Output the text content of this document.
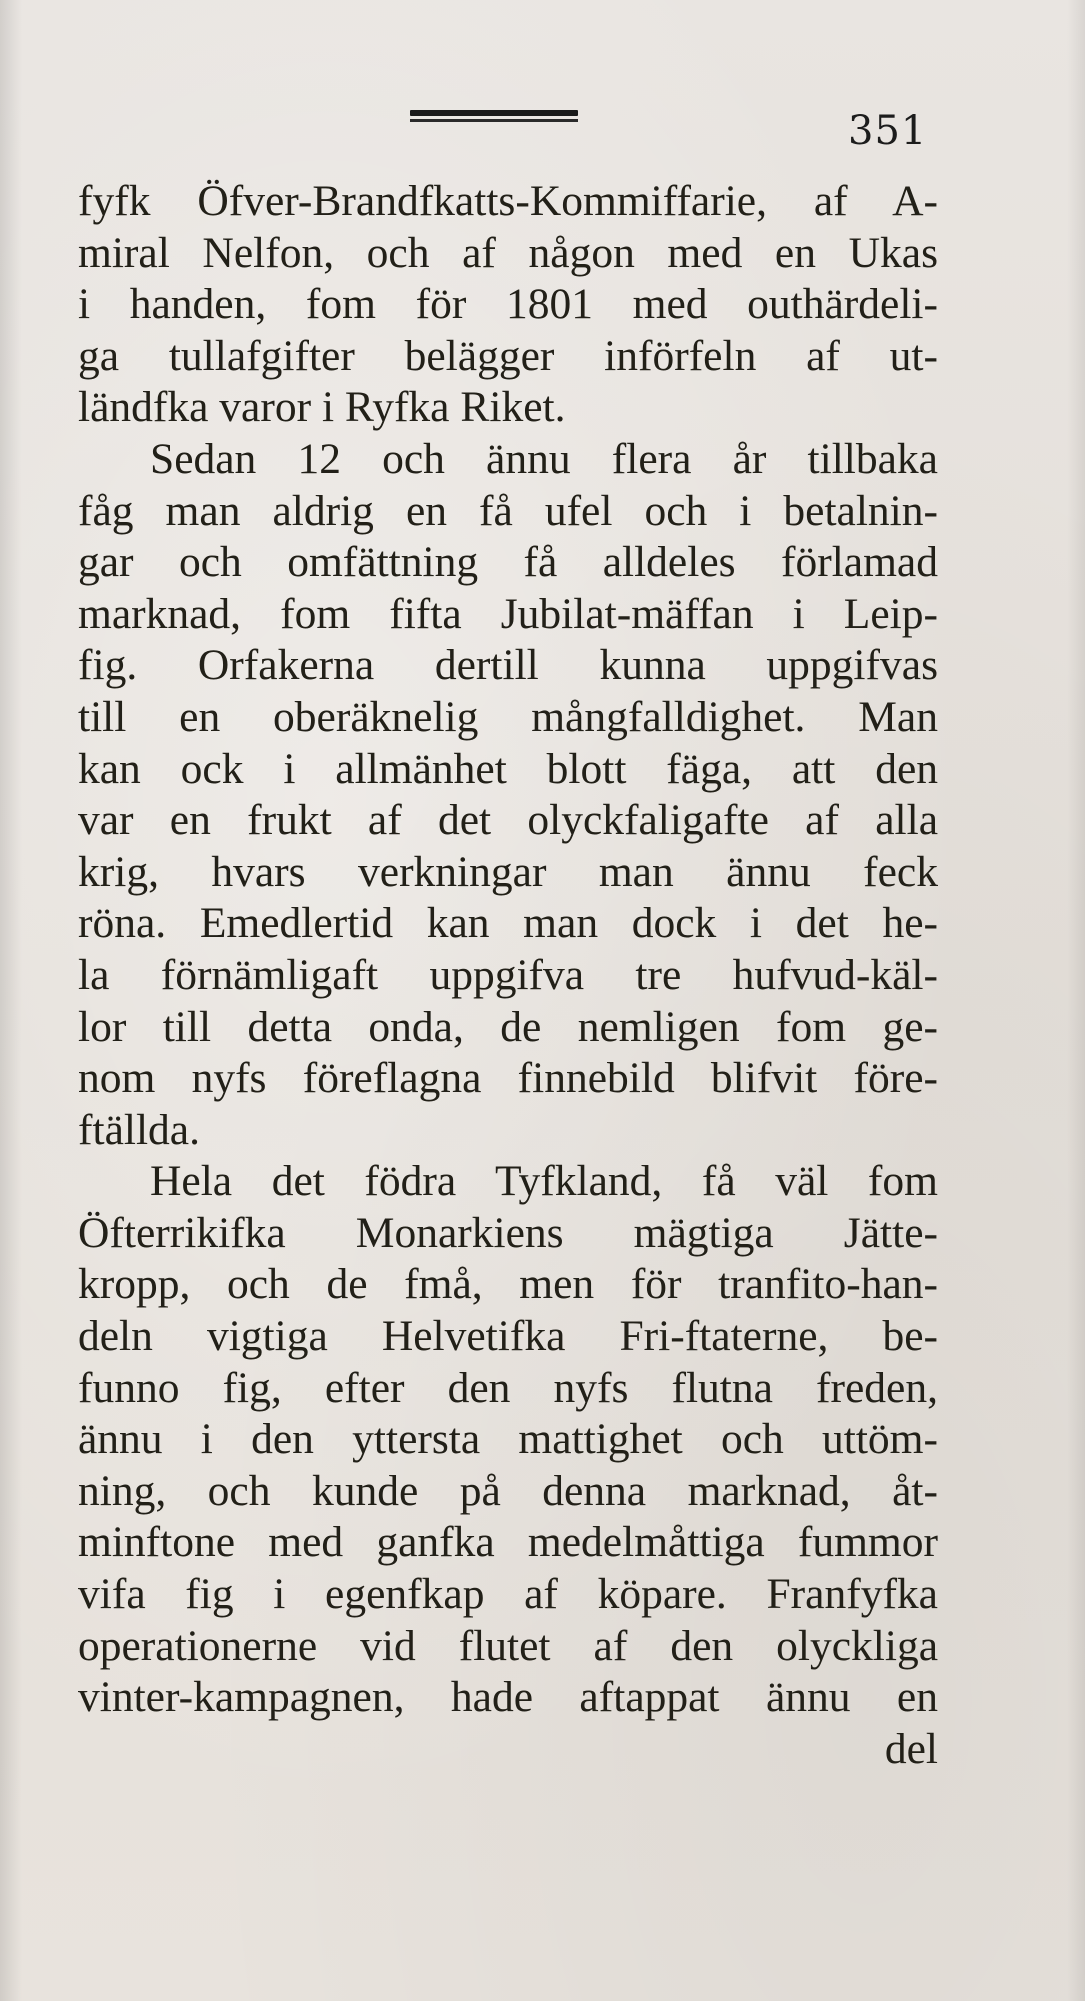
351
fyfk Öfver-Brandfkatts-Kommiffarie, af A-
miral Nelfon, och af någon med en Ukas
i handen, fom för 1801 med outhärdeli-
ga tullafgifter belägger införfeln af ut-
ländfka varor i Ryfka Riket.
Sedan 12 och ännu flera år tillbaka
fåg man aldrig en få ufel och i betalnin-
gar och omfättning få alldeles förlamad
marknad, fom fifta Jubilat-mäffan i Leip-
fig. Orfakerna dertill kunna uppgifvas
till en oberäknelig mångfalldighet. Man
kan ock i allmänhet blott fäga, att den
var en frukt af det olyckfaligafte af alla
krig, hvars verkningar man ännu feck
röna. Emedlertid kan man dock i det he-
la förnämligaft uppgifva tre hufvud-käl-
lor till detta onda, de nemligen fom ge-
nom nyfs föreflagna finnebild blifvit före-
ftällda.
Hela det födra Tyfkland, få väl fom
Öfterrikifka Monarkiens mägtiga Jätte-
kropp, och de fmå, men för tranfito-han-
deln vigtiga Helvetifka Fri-ftaterne, be-
funno fig, efter den nyfs flutna freden,
ännu i den yttersta mattighet och uttöm-
ning, och kunde på denna marknad, åt-
minftone med ganfka medelmåttiga fummor
vifa fig i egenfkap af köpare. Franfyfka
operationerne vid flutet af den olyckliga
vinter-kampagnen, hade aftappat ännu en
del
